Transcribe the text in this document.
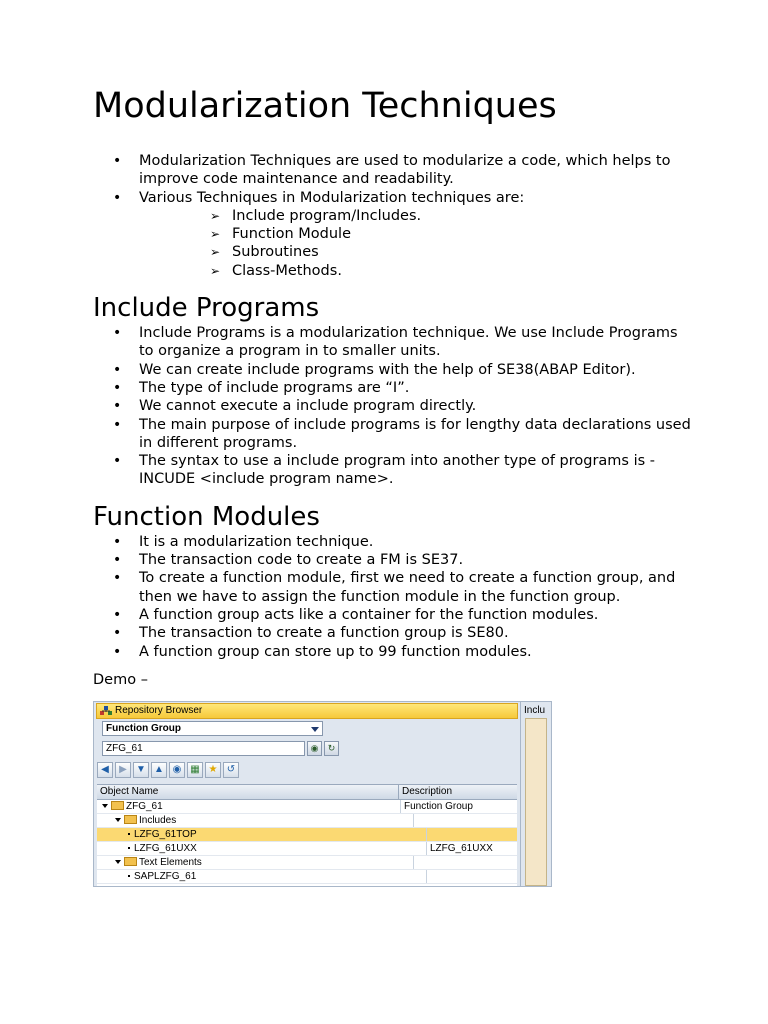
Modularization Techniques
• Modularization Techniques are used to modularize a code, which helps to improve code maintenance and readability.
• Various Techniques in Modularization techniques are:
➢ Include program/Includes.
➢ Function Module
➢ Subroutines
➢ Class-Methods.
Include Programs
• Include Programs is a modularization technique. We use Include Programs to organize a program in to smaller units.
• We can create include programs with the help of SE38(ABAP Editor).
• The type of include programs are “I”.
• We cannot execute a include program directly.
• The main purpose of include programs is for lengthy data declarations used in different programs.
• The syntax to use a include program into another type of programs is -
INCUDE <include program name>.
Function Modules
• It is a modularization technique.
• The transaction code to create a FM is SE37.
• To create a function module, first we need to create a function group, and then we have to assign the function module in the function group.
• A function group acts like a container for the function modules.
• The transaction to create a function group is SE80.
• A function group can store up to 99 function modules.
Demo –
Repository Browser
Function Group
ZFG_61	◉ ↻
◀ ▶ ▼ ▲ ◉ ▦ ★ ↺
Object Name	Description
ZFG_61	Function Group
Includes
LZFG_61TOP
LZFG_61UXX	LZFG_61UXX
Text Elements
SAPLZFG_61
Inclu
